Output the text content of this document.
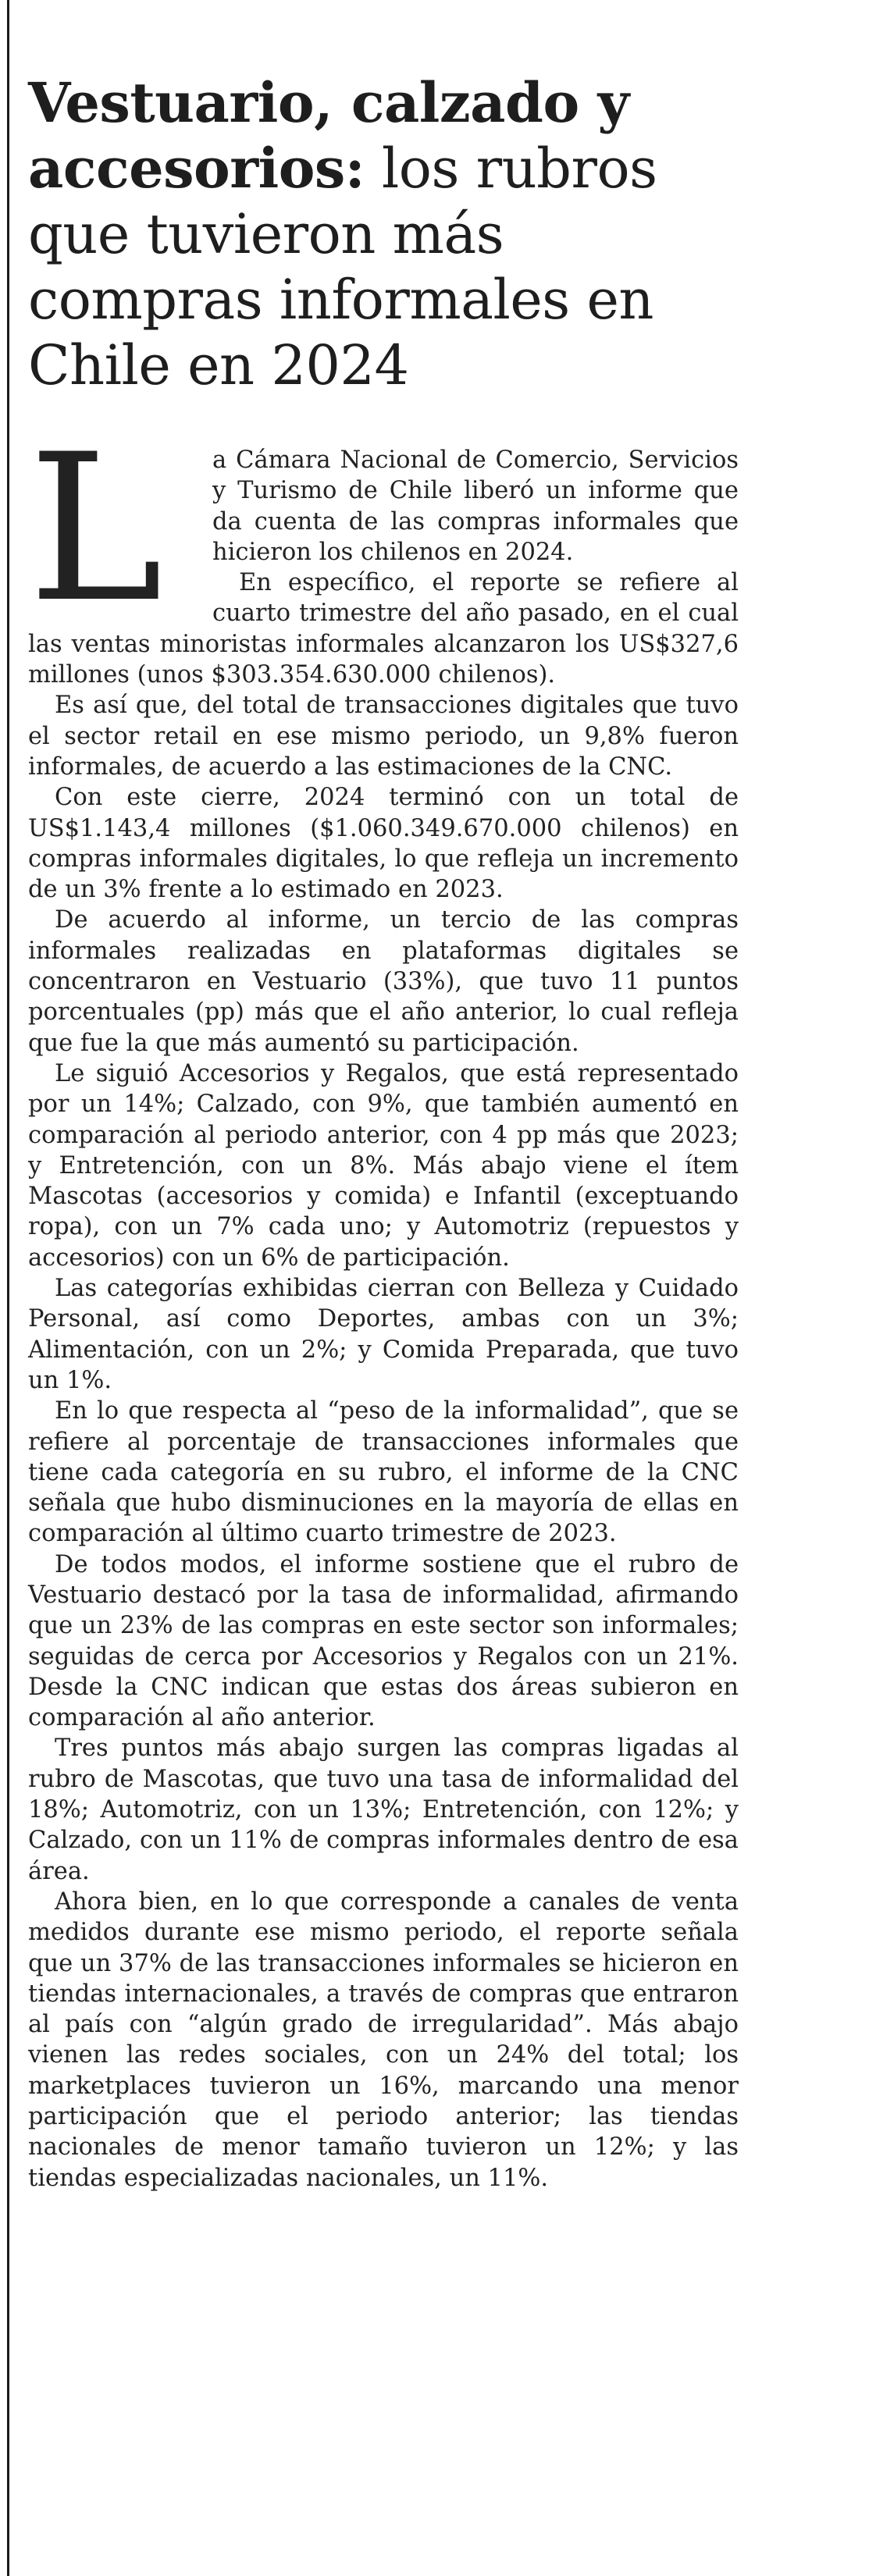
Vestuario, calzado y accesorios: los rubros que tuvieron más compras informales en Chile en 2024

L	a Cámara Nacional de Comercio, Servicios y Turismo de Chile liberó un informe que da cuenta de las compras informales que hicieron los chilenos en 2024.

En específico, el reporte se refiere al cuarto trimestre del año pasado, en el cual las ventas minoristas informales alcanzaron los US$327,6 millones (unos $303.354.630.000 chilenos).

Es así que, del total de transacciones digitales que tuvo el sector retail en ese mismo periodo, un 9,8% fueron informales, de acuerdo a las estimaciones de la CNC.

Con este cierre, 2024 terminó con un total de US$1.143,4 millones ($1.060.349.670.000 chilenos) en compras informales digitales, lo que refleja un incremento de un 3% frente a lo estimado en 2023.

De acuerdo al informe, un tercio de las compras informales realizadas en plataformas digitales se concentraron en Vestuario (33%), que tuvo 11 puntos porcentuales (pp) más que el año anterior, lo cual refleja que fue la que más aumentó su participación.

Le siguió Accesorios y Regalos, que está representado por un 14%; Calzado, con 9%, que también aumentó en comparación al periodo anterior, con 4 pp más que 2023; y Entretención, con un 8%. Más abajo viene el ítem Mascotas (accesorios y comida) e Infantil (exceptuando ropa), con un 7% cada uno; y Automotriz (repuestos y accesorios) con un 6% de participación.

Las categorías exhibidas cierran con Belleza y Cuidado Personal, así como Deportes, ambas con un 3%; Alimentación, con un 2%; y Comida Preparada, que tuvo un 1%.

En lo que respecta al “peso de la informalidad”, que se refiere al porcentaje de transacciones informales que tiene cada categoría en su rubro, el informe de la CNC señala que hubo disminuciones en la mayoría de ellas en comparación al último cuarto trimestre de 2023.

De todos modos, el informe sostiene que el rubro de Vestuario destacó por la tasa de informalidad, afirmando que un 23% de las compras en este sector son informales; seguidas de cerca por Accesorios y Regalos con un 21%. Desde la CNC indican que estas dos áreas subieron en comparación al año anterior.

Tres puntos más abajo surgen las compras ligadas al rubro de Mascotas, que tuvo una tasa de informalidad del 18%; Automotriz, con un 13%; Entretención, con 12%; y Calzado, con un 11% de compras informales dentro de esa área.

Ahora bien, en lo que corresponde a canales de venta medidos durante ese mismo periodo, el reporte señala que un 37% de las transacciones informales se hicieron en tiendas internacionales, a través de compras que entraron al país con “algún grado de irregularidad”. Más abajo vienen las redes sociales, con un 24% del total; los marketplaces tuvieron un 16%, marcando una menor participación que el periodo anterior; las tiendas nacionales de menor tamaño tuvieron un 12%; y las tiendas especializadas nacionales, un 11%.
